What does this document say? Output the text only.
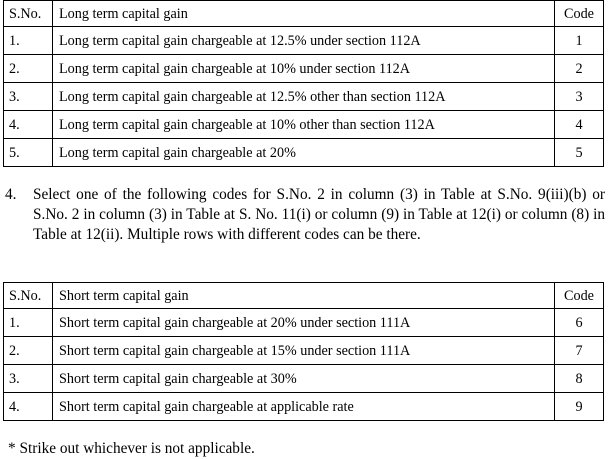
S.No.	Long term capital gain	Code
1.	Long term capital gain chargeable at 12.5% under section 112A	1
2.	Long term capital gain chargeable at 10% under section 112A	2
3.	Long term capital gain chargeable at 12.5% other than section 112A	3
4.	Long term capital gain chargeable at 10% other than section 112A	4
5.	Long term capital gain chargeable at 20%	5
4. Select one of the following codes for S.No. 2 in column (3) in Table at S.No. 9(iii)(b) or S.No. 2 in column (3) in Table at S. No. 11(i) or column (9) in Table at 12(i) or column (8) in Table at 12(ii). Multiple rows with different codes can be there.
S.No.	Short term capital gain	Code
1.	Short term capital gain chargeable at 20% under section 111A	6
2.	Short term capital gain chargeable at 15% under section 111A	7
3.	Short term capital gain chargeable at 30%	8
4.	Short term capital gain chargeable at applicable rate	9
* Strike out whichever is not applicable.
